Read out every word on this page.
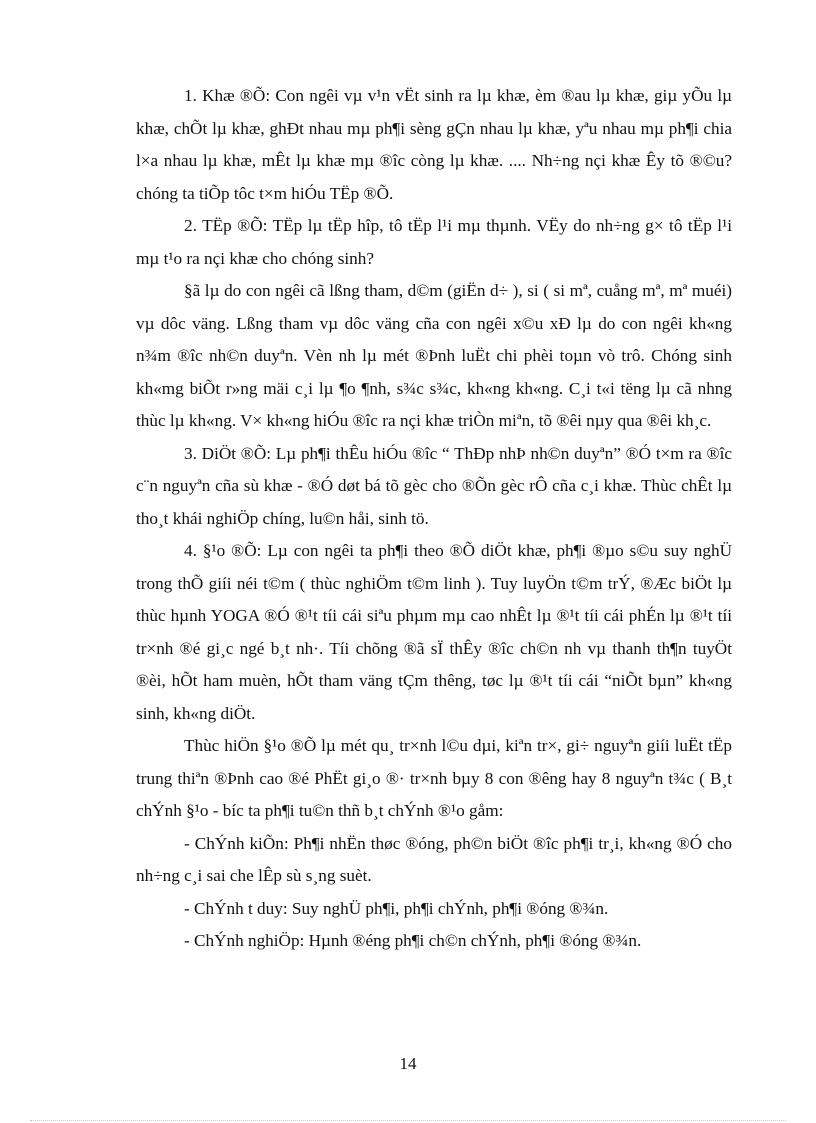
1. Khæ ®Õ: Con ngêi vµ v¹n vËt sinh ra lµ khæ, èm ®au lµ khæ, giµ yÕu lµ khæ, chÕt lµ khæ, ghÐt nhau mµ ph¶i sèng gÇn nhau lµ khæ, yªu nhau mµ ph¶i chia l×a nhau lµ khæ, mÊt lµ khæ mµ ®îc còng lµ khæ. .... Nh÷ng nçi khæ Êy tõ ®©u? chóng ta tiÕp tôc t×m hiÓu TËp ®Õ.

2. TËp ®Õ: TËp lµ tËp hîp, tô tËp l¹i mµ thµnh. VËy do nh÷ng g× tô tËp l¹i mµ t¹o ra nçi khæ cho chóng sinh?

§ã lµ do con ngêi cã lßng tham, d©m (giËn d÷ ), si ( si mª, cuång mª, mª muéi) vµ dôc väng. Lßng tham vµ dôc väng cña con ngêi x©u xÐ lµ do con ngêi kh«ng n¾m ®îc nh©n duyªn. Vèn nh lµ mét ®Þnh luËt chi phèi toµn vò trô. Chóng sinh kh«mg biÕt r»ng mäi c¸i lµ ¶o ¶nh, s¾c s¾c, kh«ng kh«ng. C¸i t«i tëng lµ cã nhng thùc lµ kh«ng. V× kh«ng hiÓu ®îc ra nçi khæ triÒn miªn, tõ ®êi nµy qua ®êi kh¸c.

3. DiÖt ®Õ: Lµ ph¶i thÊu hiÓu ®îc “ ThÐp nhÞ nh©n duyªn” ®Ó t×m ra ®îc c¨n nguyªn cña sù khæ - ®Ó døt bá tõ gèc cho ®Õn gèc rÔ cña c¸i khæ. Thùc chÊt lµ tho¸t khái nghiÖp chíng, lu©n håi, sinh tö.

4. §¹o ®Õ: Lµ con ngêi ta ph¶i theo ®Õ diÖt khæ, ph¶i ®µo s©u suy nghÜ trong thÕ giíi néi t©m ( thùc nghiÖm t©m linh ). Tuy luyÖn t©m trÝ, ®Æc biÖt lµ thùc hµnh YOGA ®Ó ®¹t tíi cái siªu phµm mµ cao nhÊt lµ ®¹t tíi cái phÉn lµ ®¹t tíi tr×nh ®é gi¸c ngé b¸t nh·. Tíi chõng ®ã sÏ thÊy ®îc ch©n nh vµ thanh th¶n tuyÖt ®èi, hÕt ham muèn, hÕt tham väng tÇm thêng, tøc lµ ®¹t tíi cái “niÕt bµn” kh«ng sinh, kh«ng diÖt.

Thùc hiÖn §¹o ®Õ lµ mét qu¸ tr×nh l©u dµi, kiªn tr×, gi÷ nguyªn giíi luËt tËp trung thiªn ®Þnh cao ®é PhËt gi¸o ®· tr×nh bµy 8 con ®êng hay 8 nguyªn t¾c ( B¸t chÝnh §¹o - bíc ta ph¶i tu©n thñ b¸t chÝnh ®¹o gåm:

- ChÝnh kiÕn: Ph¶i nhËn thøc ®óng, ph©n biÖt ®îc ph¶i tr¸i, kh«ng ®Ó cho nh÷ng c¸i sai che lÊp sù s¸ng suèt.

- ChÝnh t duy: Suy nghÜ ph¶i, ph¶i chÝnh, ph¶i ®óng ®¾n.

- ChÝnh nghiÖp: Hµnh ®éng ph¶i ch©n chÝnh, ph¶i ®óng ®¾n.

14
